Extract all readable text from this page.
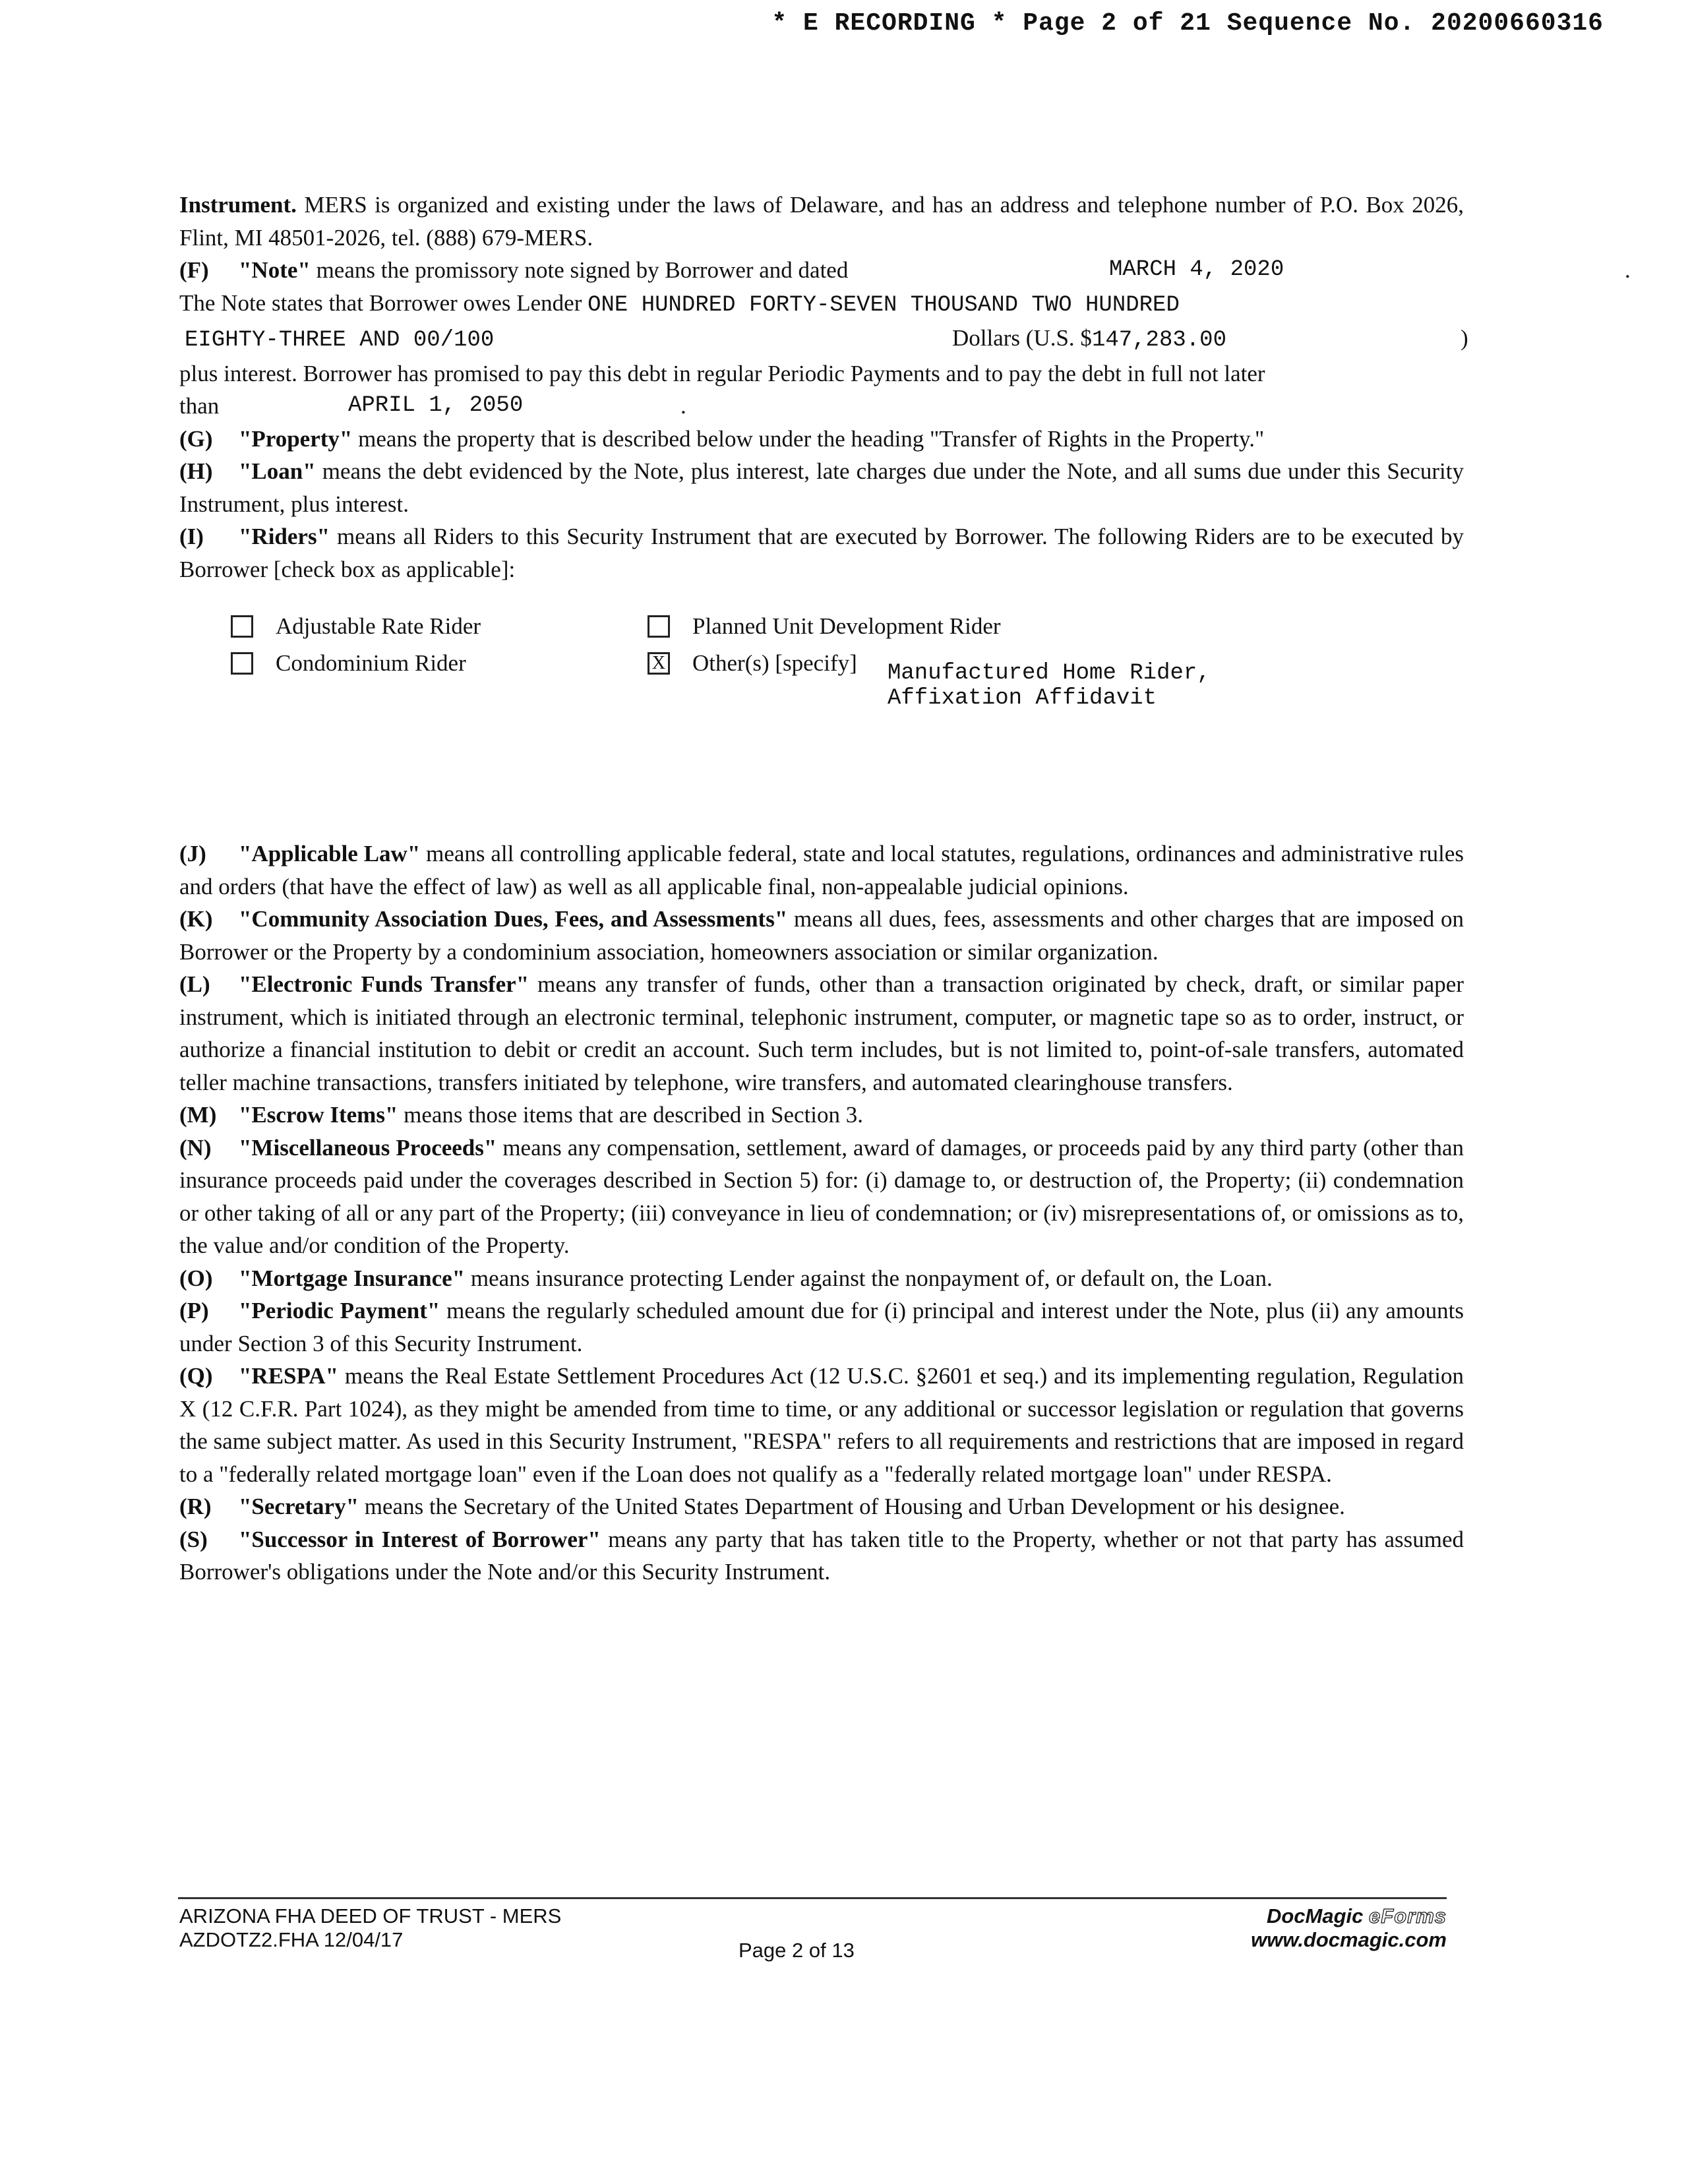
* E RECORDING * Page 2 of 21 Sequence No. 20200660316

Instrument. MERS is organized and existing under the laws of Delaware, and has an address and telephone number of P.O. Box 2026, Flint, MI 48501-2026, tel. (888) 679-MERS.

(F) "Note" means the promissory note signed by Borrower and dated	MARCH 4, 2020	.

The Note states that Borrower owes Lender ONE HUNDRED FORTY-SEVEN THOUSAND TWO HUNDRED

EIGHTY-THREE AND 00/100	Dollars (U.S. $147,283.00	)

plus interest. Borrower has promised to pay this debt in regular Periodic Payments and to pay the debt in full not later

than	APRIL 1, 2050	.

(G) "Property" means the property that is described below under the heading "Transfer of Rights in the Property."

(H) "Loan" means the debt evidenced by the Note, plus interest, late charges due under the Note, and all sums due under this Security Instrument, plus interest.

(I) "Riders" means all Riders to this Security Instrument that are executed by Borrower. The following Riders are to be executed by Borrower [check box as applicable]:

Adjustable Rate Rider
Condominium Rider
Planned Unit Development Rider
X Other(s) [specify] Manufactured Home Rider,
Affixation Affidavit

(J) "Applicable Law" means all controlling applicable federal, state and local statutes, regulations, ordinances and administrative rules and orders (that have the effect of law) as well as all applicable final, non-appealable judicial opinions.

(K) "Community Association Dues, Fees, and Assessments" means all dues, fees, assessments and other charges that are imposed on Borrower or the Property by a condominium association, homeowners association or similar organization.

(L) "Electronic Funds Transfer" means any transfer of funds, other than a transaction originated by check, draft, or similar paper instrument, which is initiated through an electronic terminal, telephonic instrument, computer, or magnetic tape so as to order, instruct, or authorize a financial institution to debit or credit an account. Such term includes, but is not limited to, point-of-sale transfers, automated teller machine transactions, transfers initiated by telephone, wire transfers, and automated clearinghouse transfers.

(M) "Escrow Items" means those items that are described in Section 3.

(N) "Miscellaneous Proceeds" means any compensation, settlement, award of damages, or proceeds paid by any third party (other than insurance proceeds paid under the coverages described in Section 5) for: (i) damage to, or destruction of, the Property; (ii) condemnation or other taking of all or any part of the Property; (iii) conveyance in lieu of condemnation; or (iv) misrepresentations of, or omissions as to, the value and/or condition of the Property.

(O) "Mortgage Insurance" means insurance protecting Lender against the nonpayment of, or default on, the Loan.

(P) "Periodic Payment" means the regularly scheduled amount due for (i) principal and interest under the Note, plus (ii) any amounts under Section 3 of this Security Instrument.

(Q) "RESPA" means the Real Estate Settlement Procedures Act (12 U.S.C. §2601 et seq.) and its implementing regulation, Regulation X (12 C.F.R. Part 1024), as they might be amended from time to time, or any additional or successor legislation or regulation that governs the same subject matter. As used in this Security Instrument, "RESPA" refers to all requirements and restrictions that are imposed in regard to a "federally related mortgage loan" even if the Loan does not qualify as a "federally related mortgage loan" under RESPA.

(R) "Secretary" means the Secretary of the United States Department of Housing and Urban Development or his designee.

(S) "Successor in Interest of Borrower" means any party that has taken title to the Property, whether or not that party has assumed Borrower's obligations under the Note and/or this Security Instrument.

ARIZONA FHA DEED OF TRUST - MERS
AZDOTZ2.FHA 12/04/17	Page 2 of 13
DocMagic eForms
www.docmagic.com
